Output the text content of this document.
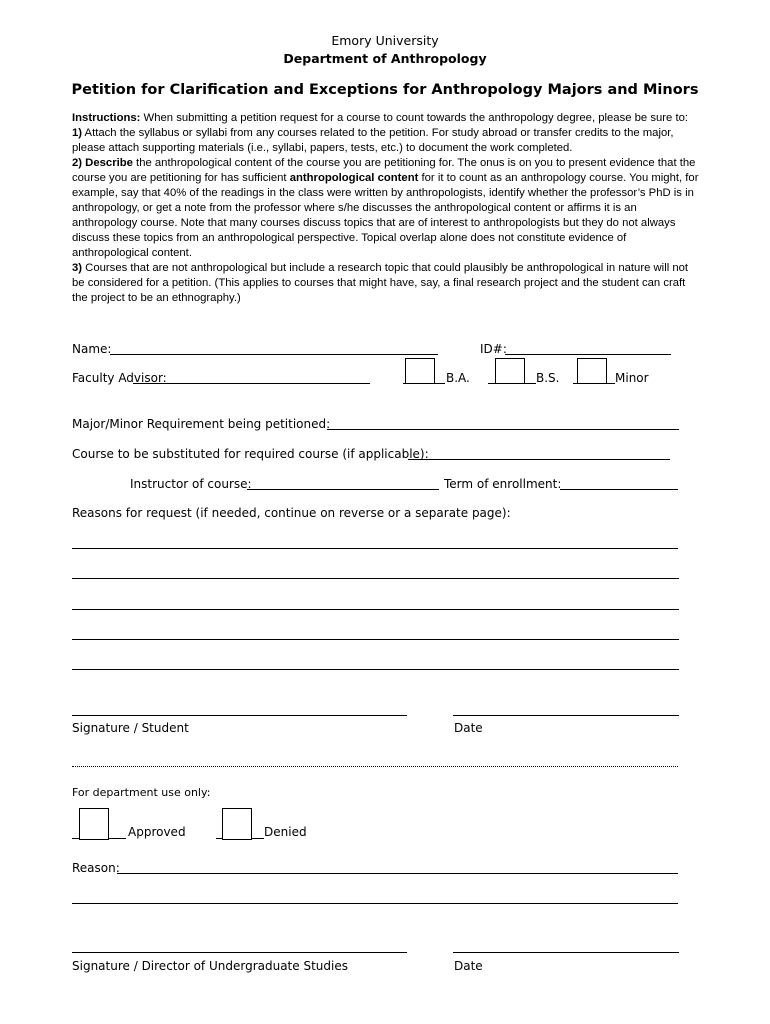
Emory University
Department of Anthropology
Petition for Clarification and Exceptions for Anthropology Majors and Minors

Instructions: When submitting a petition request for a course to count towards the anthropology degree, please be sure to:

1) Attach the syllabus or syllabi from any courses related to the petition. For study abroad or transfer credits to the major, please attach supporting materials (i.e., syllabi, papers, tests, etc.) to document the work completed.

2) Describe the anthropological content of the course you are petitioning for. The onus is on you to present evidence that the course you are petitioning for has sufficient anthropological content for it to count as an anthropology course. You might, for example, say that 40% of the readings in the class were written by anthropologists, identify whether the professor’s PhD is in anthropology, or get a note from the professor where s/he discusses the anthropological content or affirms it is an anthropology course. Note that many courses discuss topics that are of interest to anthropologists but they do not always discuss these topics from an anthropological perspective. Topical overlap alone does not constitute evidence of anthropological content.

3) Courses that are not anthropological but include a research topic that could plausibly be anthropological in nature will not be considered for a petition. (This applies to courses that might have, say, a final research project and the student can craft the project to be an ethnography.)

Name:	ID#:
Faculty Advisor:	B.A.	B.S.	Minor
Major/Minor Requirement being petitioned:
Course to be substituted for required course (if applicable):
Instructor of course:	Term of enrollment:
Reasons for request (if needed, continue on reverse or a separate page):
Signature / Student	Date
For department use only:
Approved	Denied
Reason:
Signature / Director of Undergraduate Studies	Date
